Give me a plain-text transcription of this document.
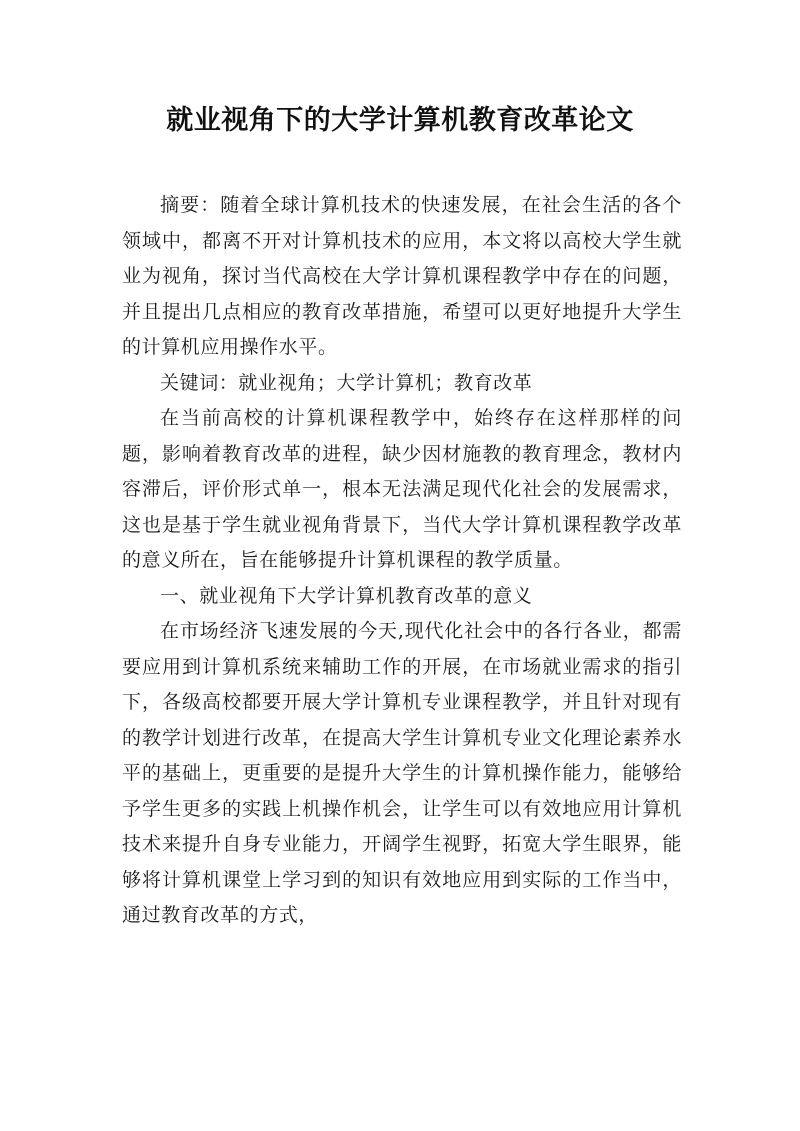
就业视角下的大学计算机教育改革论文

摘要：随着全球计算机技术的快速发展，在社会生活的各个领域中，都离不开对计算机技术的应用，本文将以高校大学生就业为视角，探讨当代高校在大学计算机课程教学中存在的问题，并且提出几点相应的教育改革措施，希望可以更好地提升大学生的计算机应用操作水平。

关键词：就业视角；大学计算机；教育改革

在当前高校的计算机课程教学中，始终存在这样那样的问题，影响着教育改革的进程，缺少因材施教的教育理念，教材内容滞后，评价形式单一，根本无法满足现代化社会的发展需求，这也是基于学生就业视角背景下，当代大学计算机课程教学改革的意义所在，旨在能够提升计算机课程的教学质量。

一、就业视角下大学计算机教育改革的意义

在市场经济飞速发展的今天,现代化社会中的各行各业，都需要应用到计算机系统来辅助工作的开展，在市场就业需求的指引下，各级高校都要开展大学计算机专业课程教学，并且针对现有的教学计划进行改革，在提高大学生计算机专业文化理论素养水平的基础上，更重要的是提升大学生的计算机操作能力，能够给予学生更多的实践上机操作机会，让学生可以有效地应用计算机技术来提升自身专业能力，开阔学生视野，拓宽大学生眼界，能够将计算机课堂上学习到的知识有效地应用到实际的工作当中，通过教育改革的方式，
